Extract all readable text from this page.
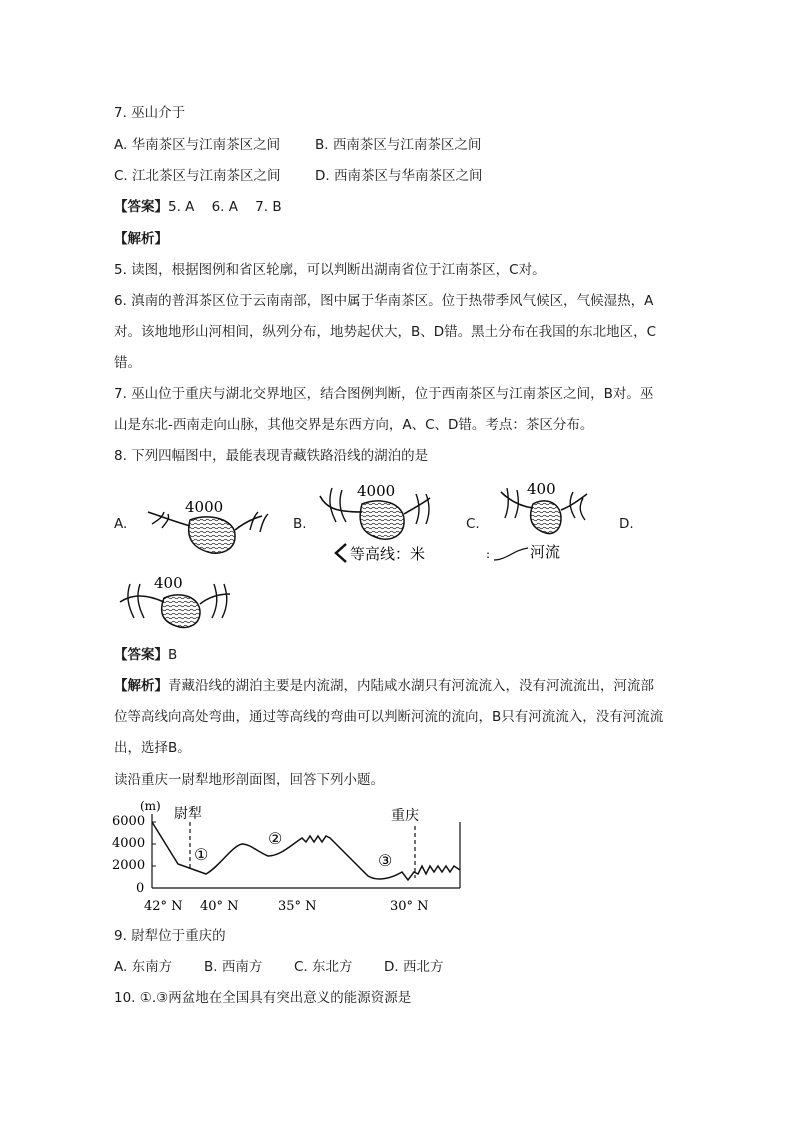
7. 巫山介于
A. 华南茶区与江南茶区之间	B. 西南茶区与江南茶区之间
C. 江北茶区与江南茶区之间	D. 西南茶区与华南茶区之间
【答案】5. A    6. A    7. B
【解析】
5. 读图，根据图例和省区轮廓，可以判断出湖南省位于江南茶区，C对。
6. 滇南的普洱茶区位于云南南部，图中属于华南茶区。位于热带季风气候区，气候湿热，A
对。该地地形山河相间，纵列分布，地势起伏大，B、D错。黑土分布在我国的东北地区，C
错。
7. 巫山位于重庆与湖北交界地区，结合图例判断，位于西南茶区与江南茶区之间，B对。巫
山是东北-西南走向山脉，其他交界是东西方向，A、C、D错。考点：茶区分布。
8. 下列四幅图中，最能表现青藏铁路沿线的湖泊的是
A.	B.	C.	D.
4000
4000
等高线：米	:	河流
400
400
【答案】B
【解析】青藏沿线的湖泊主要是内流湖，内陆咸水湖只有河流流入，没有河流流出，河流部
位等高线向高处弯曲，通过等高线的弯曲可以判断河流的流向，B只有河流流入，没有河流流
出，选择B。
读沿重庆一尉犁地形剖面图，回答下列小题。
(m) 尉犁	重庆
6000
4000
2000
0
①
②
③
42° N 40° N	35° N	30° N
9. 尉犁位于重庆的
A. 东南方 B. 西南方 C. 东北方 D. 西北方
10. ①.③两盆地在全国具有突出意义的能源资源是
